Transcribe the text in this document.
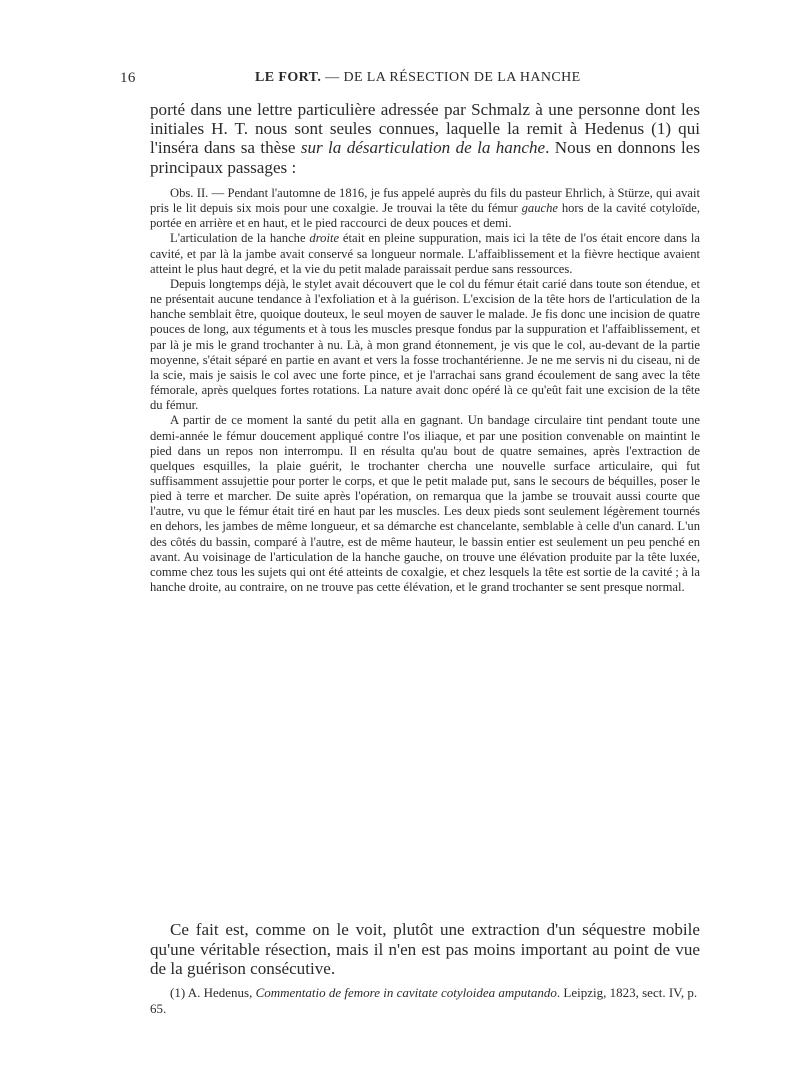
16	LE FORT. — DE LA RÉSECTION DE LA HANCHE

porté dans une lettre particulière adressée par Schmalz à une personne dont les initiales H. T. nous sont seules connues, laquelle la remit à Hedenus (1) qui l'inséra dans sa thèse sur la désarticulation de la hanche. Nous en donnons les principaux passages :

Obs. II. — Pendant l'automne de 1816, je fus appelé auprès du fils du pasteur Ehrlich, à Stürze, qui avait pris le lit depuis six mois pour une coxalgie. Je trouvai la tête du fémur gauche hors de la cavité cotyloïde, portée en arrière et en haut, et le pied raccourci de deux pouces et demi.

L'articulation de la hanche droite était en pleine suppuration, mais ici la tête de l'os était encore dans la cavité, et par là la jambe avait conservé sa longueur normale. L'affaiblissement et la fièvre hectique avaient atteint le plus haut degré, et la vie du petit malade paraissait perdue sans ressources.

Depuis longtemps déjà, le stylet avait découvert que le col du fémur était carié dans toute son étendue, et ne présentait aucune tendance à l'exfoliation et à la guérison. L'excision de la tête hors de l'articulation de la hanche semblait être, quoique douteux, le seul moyen de sauver le malade. Je fis donc une incision de quatre pouces de long, aux téguments et à tous les muscles presque fondus par la suppuration et l'affaiblissement, et par là je mis le grand trochanter à nu. Là, à mon grand étonnement, je vis que le col, au-devant de la partie moyenne, s'était séparé en partie en avant et vers la fosse trochantérienne. Je ne me servis ni du ciseau, ni de la scie, mais je saisis le col avec une forte pince, et je l'arrachai sans grand écoulement de sang avec la tête fémorale, après quelques fortes rotations. La nature avait donc opéré là ce qu'eût fait une excision de la tête du fémur.

A partir de ce moment la santé du petit alla en gagnant. Un bandage circulaire tint pendant toute une demi-année le fémur doucement appliqué contre l'os iliaque, et par une position convenable on maintint le pied dans un repos non interrompu. Il en résulta qu'au bout de quatre semaines, après l'extraction de quelques esquilles, la plaie guérit, le trochanter chercha une nouvelle surface articulaire, qui fut suffisamment assujettie pour porter le corps, et que le petit malade put, sans le secours de béquilles, poser le pied à terre et marcher. De suite après l'opération, on remarqua que la jambe se trouvait aussi courte que l'autre, vu que le fémur était tiré en haut par les muscles. Les deux pieds sont seulement légèrement tournés en dehors, les jambes de même longueur, et sa démarche est chancelante, semblable à celle d'un canard. L'un des côtés du bassin, comparé à l'autre, est de même hauteur, le bassin entier est seulement un peu penché en avant. Au voisinage de l'articulation de la hanche gauche, on trouve une élévation produite par la tête luxée, comme chez tous les sujets qui ont été atteints de coxalgie, et chez lesquels la tête est sortie de la cavité ; à la hanche droite, au contraire, on ne trouve pas cette élévation, et le grand trochanter se sent presque normal.

Ce fait est, comme on le voit, plutôt une extraction d'un séquestre mobile qu'une véritable résection, mais il n'en est pas moins important au point de vue de la guérison consécutive.

(1) A. Hedenus, Commentatio de femore in cavitate cotyloidea amputando. Leipzig, 1823, sect. IV, p. 65.
